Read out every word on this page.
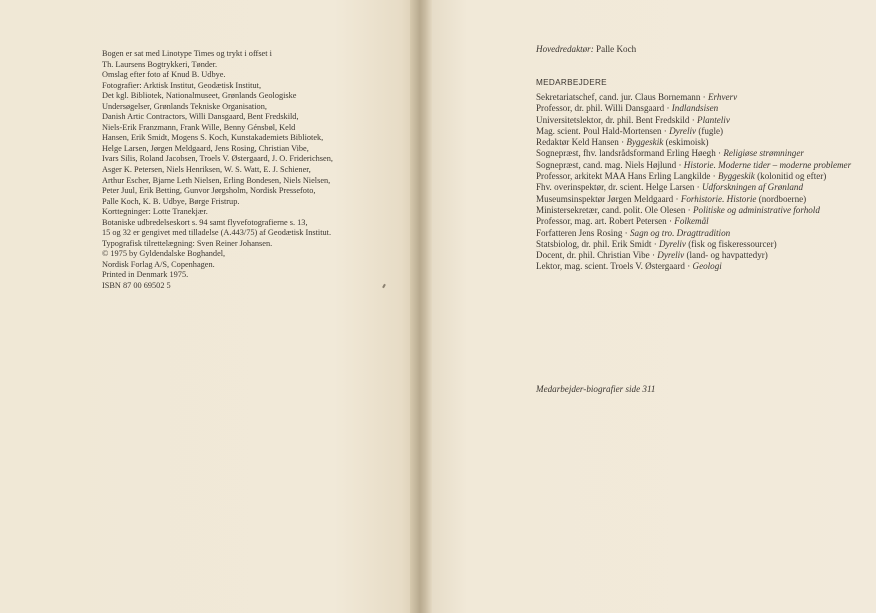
Bogen er sat med Linotype Times og trykt i offset i
Th. Laursens Bogtrykkeri, Tønder.
Omslag efter foto af Knud B. Udbye.
Fotografier: Arktisk Institut, Geodætisk Institut,
Det kgl. Bibliotek, Nationalmuseet, Grønlands Geologiske
Undersøgelser, Grønlands Tekniske Organisation,
Danish Artic Contractors, Willi Dansgaard, Bent Fredskild,
Niels-Erik Franzmann, Frank Wille, Benny Génsbøl, Keld
Hansen, Erik Smidt, Mogens S. Koch, Kunstakademiets Bibliotek,
Helge Larsen, Jørgen Meldgaard, Jens Rosing, Christian Vibe,
Ivars Silis, Roland Jacobsen, Troels V. Østergaard, J. O. Friderichsen,
Asger K. Petersen, Niels Henriksen, W. S. Watt, E. J. Schiener,
Arthur Escher, Bjarne Leth Nielsen, Erling Bondesen, Niels Nielsen,
Peter Juul, Erik Betting, Gunvor Jørgsholm, Nordisk Pressefoto,
Palle Koch, K. B. Udbye, Børge Fristrup.
Korttegninger: Lotte Tranekjær.
Botaniske udbredelseskort s. 94 samt flyvefotografierne s. 13,
15 og 32 er gengivet med tilladelse (A.443/75) af Geodætisk Institut.
Typografisk tilrettelægning: Sven Reiner Johansen.
© 1975 by Gyldendalske Boghandel,
Nordisk Forlag A/S, Copenhagen.
Printed in Denmark 1975.
ISBN 87 00 69502 5
Hovedredaktør: Palle Koch
MEDARBEJDERE
Sekretariatschef, cand. jur. Claus Bornemann · Erhverv
Professor, dr. phil. Willi Dansgaard · Indlandsisen
Universitetslektor, dr. phil. Bent Fredskild · Planteliv
Mag. scient. Poul Hald-Mortensen · Dyreliv (fugle)
Redaktør Keld Hansen · Byggeskik (eskimoisk)
Sognepræst, fhv. landsrådsformand Erling Høegh · Religiøse strømninger
Sognepræst, cand. mag. Niels Højlund · Historie. Moderne tider – moderne problemer
Professor, arkitekt MAA Hans Erling Langkilde · Byggeskik (kolonitid og efter)
Fhv. overinspektør, dr. scient. Helge Larsen · Udforskningen af Grønland
Museumsinspektør Jørgen Meldgaard · Forhistorie. Historie (nordboerne)
Ministersekretær, cand. polit. Ole Olesen · Politiske og administrative forhold
Professor, mag. art. Robert Petersen · Folkemål
Forfatteren Jens Rosing · Sagn og tro. Dragttradition
Statsbiolog, dr. phil. Erik Smidt · Dyreliv (fisk og fiskeressourcer)
Docent, dr. phil. Christian Vibe · Dyreliv (land- og havpattedyr)
Lektor, mag. scient. Troels V. Østergaard · Geologi
Medarbejder-biografier side 311
